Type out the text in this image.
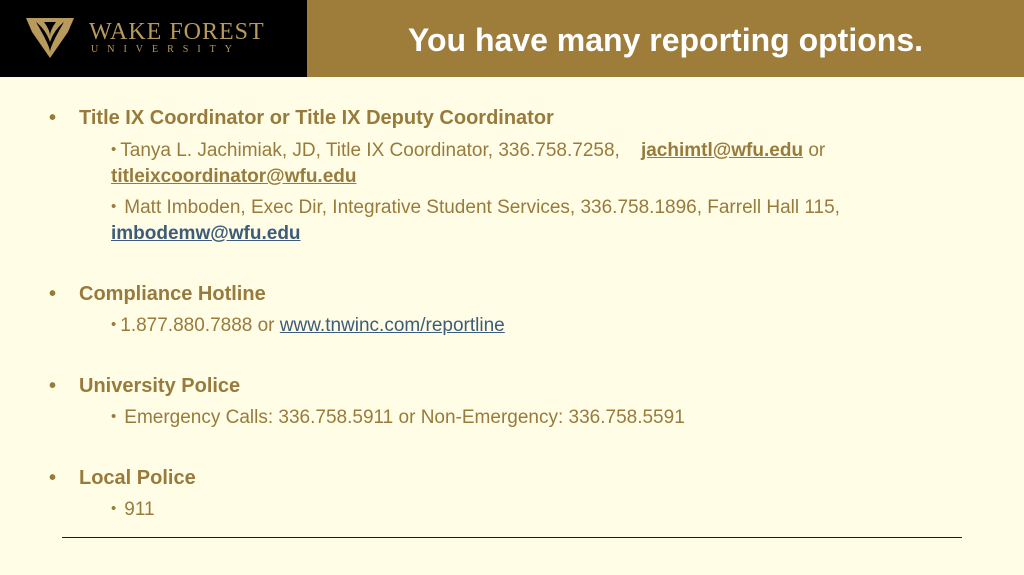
WAKE FOREST
UNIVERSITY	You have many reporting options.
• Title IX Coordinator or Title IX Deputy Coordinator
• Tanya L. Jachimiak, JD, Title IX Coordinator, 336.758.7258, jachimtl@wfu.edu or titleixcoordinator@wfu.edu
• Matt Imboden, Exec Dir, Integrative Student Services, 336.758.1896, Farrell Hall 115, imbodemw@wfu.edu
• Compliance Hotline
• 1.877.880.7888 or www.tnwinc.com/reportline
• University Police
• Emergency Calls: 336.758.5911 or Non-Emergency: 336.758.5591
• Local Police
• 911
